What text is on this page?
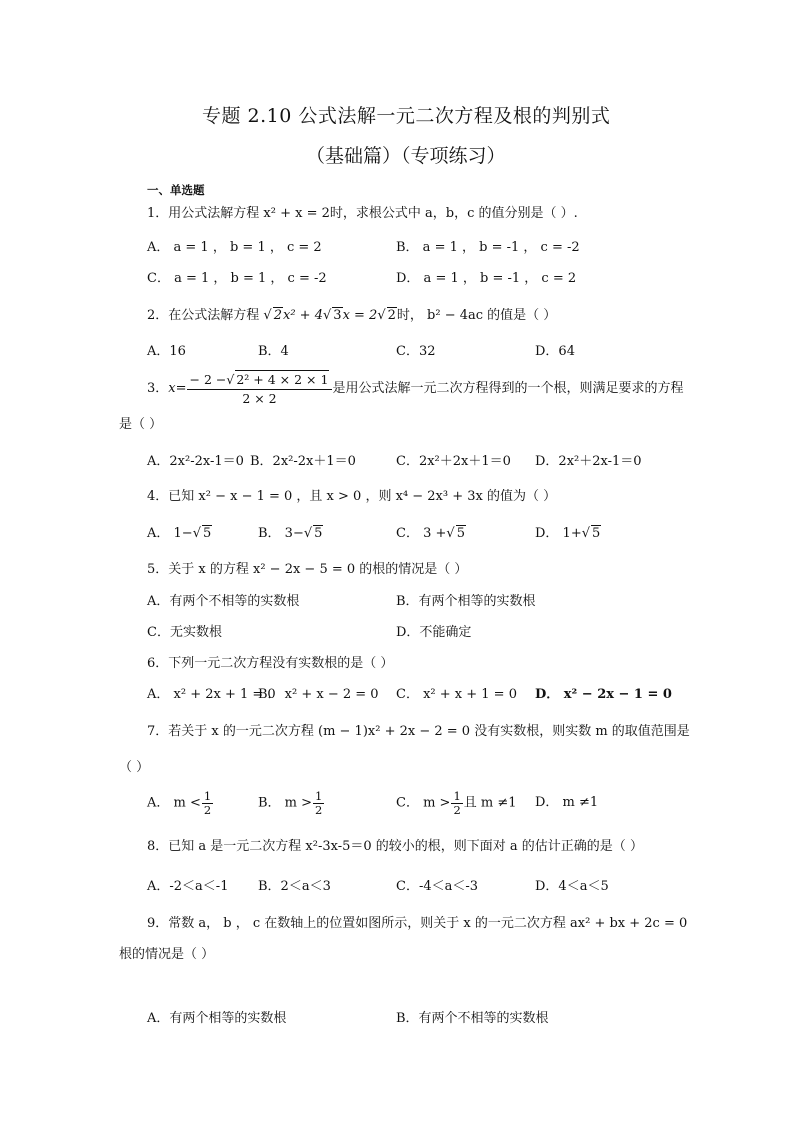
专题 2.10 公式法解一元二次方程及根的判别式
（基础篇）（专项练习）
一、单选题
1．用公式法解方程 x² + x = 2时，求根公式中 a，b，c 的值分别是（ ）.
A． a = 1 ， b = 1 ， c = 2	B． a = 1 ， b = -1 ， c = -2
C． a = 1 ， b = 1 ， c = -2	D． a = 1 ， b = -1 ， c = 2
2．在公式法解方程 √ 2x² + 4√ 3x = 2√ 2时， b² − 4ac 的值是（ ）
A．16	B．4	C．32	D．64
3．$x= \frac{\text{− 2 −√ 2² + 4 × 2 × 1}}{2 \times 2}$ 是用公式法解一元二次方程得到的一个根，则满足要求的方程
是（ ）
A．2x²-2x-1＝0 B．2x²-2x＋1＝0	C．2x²＋2x＋1＝0 D．2x²＋2x-1＝0
4．已知 x² − x − 1 = 0 ，且 x > 0 ，则 x⁴ − 2x³ + 3x 的值为（ ）
A． 1−√ 5	B． 3−√ 5	C． 3 +√ 5	D． 1+√ 5
5．关于 x 的方程 x² − 2x − 5 = 0 的根的情况是（ ）
A．有两个不相等的实数根	B．有两个相等的实数根
C．无实数根	D．不能确定
6．下列一元二次方程没有实数根的是（ ）
A． x² + 2x + 1 = 0
B． x² + x − 2 = 0 C． x² + x + 1 = 0 D． x² − 2x − 1 = 0
7．若关于 x 的一元二次方程 (m − 1)x² + 2x − 2 = 0 没有实数根，则实数 m 的取值范围是
（ ）
A． $m < \frac{1}{2}$	B． $m > \frac{1}{2}$	C． $m > \frac{1}{2}$ 且 m ≠1 D． m ≠1
8．已知 a 是一元二次方程 x²-3x-5＝0 的较小的根，则下面对 a 的估计正确的是（ ）
A．-2＜a＜-1 B．2＜a＜3	C．-4＜a＜-3	D．4＜a＜5
9．常数 a， b ， c 在数轴上的位置如图所示，则关于 x 的一元二次方程 ax² + bx + 2c = 0
根的情况是（ ）
A．有两个相等的实数根	B．有两个不相等的实数根
